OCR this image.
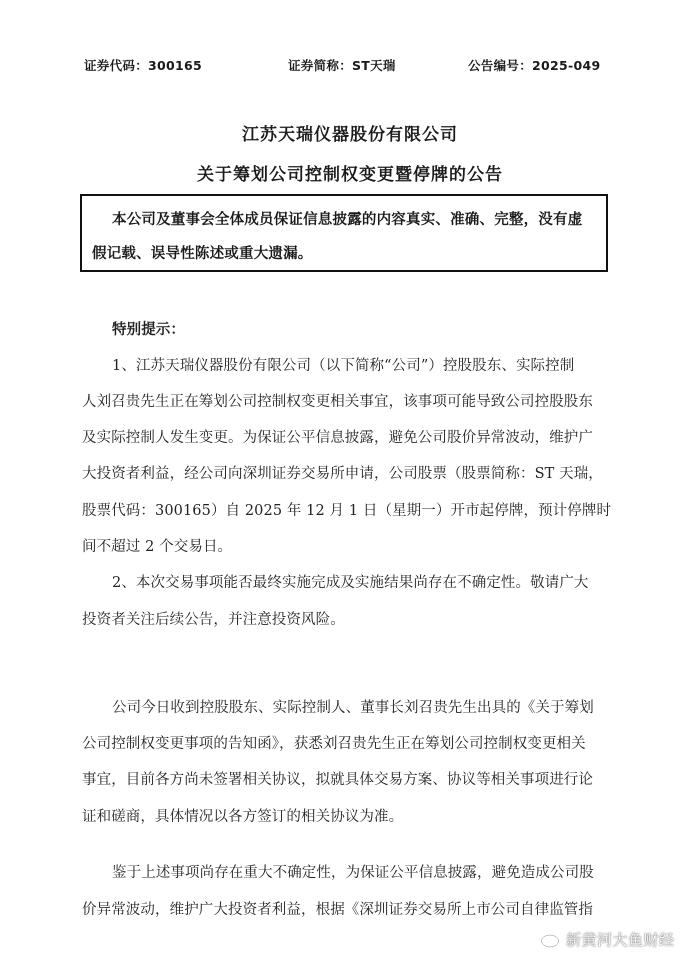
证券代码：300165	证券简称：ST天瑞	公告编号：2025-049
江苏天瑞仪器股份有限公司
关于筹划公司控制权变更暨停牌的公告
本公司及董事会全体成员保证信息披露的内容真实、准确、完整，没有虚
假记载、误导性陈述或重大遗漏。
特别提示：
1、江苏天瑞仪器股份有限公司（以下简称“公司”）控股股东、实际控制
人刘召贵先生正在筹划公司控制权变更相关事宜，该事项可能导致公司控股股东
及实际控制人发生变更。为保证公平信息披露，避免公司股价异常波动，维护广
大投资者利益，经公司向深圳证券交易所申请，公司股票（股票简称：ST 天瑞，
股票代码：300165）自 2025 年 12 月 1 日（星期一）开市起停牌，预计停牌时
间不超过 2 个交易日。
2、本次交易事项能否最终实施完成及实施结果尚存在不确定性。敬请广大
投资者关注后续公告，并注意投资风险。
公司今日收到控股股东、实际控制人、董事长刘召贵先生出具的《关于筹划
公司控制权变更事项的告知函》，获悉刘召贵先生正在筹划公司控制权变更相关
事宜，目前各方尚未签署相关协议，拟就具体交易方案、协议等相关事项进行论
证和磋商，具体情况以各方签订的相关协议为准。
鉴于上述事项尚存在重大不确定性，为保证公平信息披露，避免造成公司股
价异常波动，维护广大投资者利益，根据《深圳证券交易所上市公司自律监管指
新黄河大鱼财经
